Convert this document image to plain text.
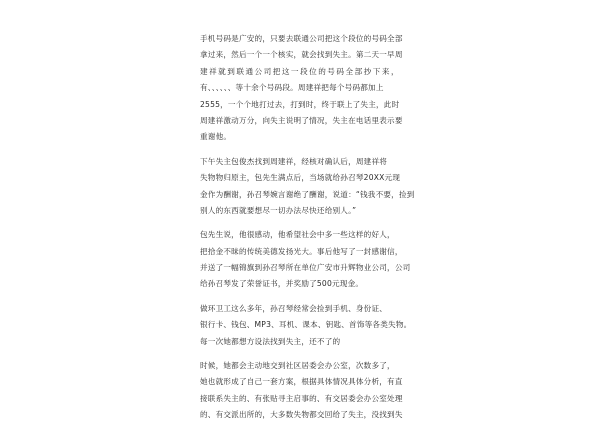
手机号码是广安的，只要去联通公司把这个段位的号码全部
拿过来，然后一个一个核实，就会找到失主。第二天一早周
建祥就到联通公司把这一段位的号码全部抄下来，
有、、、、、、等十余个号码段。周建祥把每个号码都加上
2555，一个个地打过去，打到时，终于联上了失主，此时
周建祥激动万分，向失主说明了情况，失主在电话里表示要
重谢他。
下午失主包俊杰找到周建祥，经核对确认后，周建祥将
失物物归原主，包先生满点后，当场就给孙召琴20XX元现
金作为酬谢，孙召琴婉言谢绝了酬谢，说道：“钱我不要，捡到
别人的东西就要想尽一切办法尽快还给别人。”
包先生说，他很感动，他希望社会中多一些这样的好人，
把拾金不昧的传统美德发扬光大。事后他写了一封感谢信，
并送了一幅锦旗到孙召琴所在单位广安市升辉物业公司，公司
给孙召琴发了荣誉证书，并奖励了500元现金。
做环卫工这么多年，孙召琴经常会捡到手机、身份证、
银行卡、钱包、MP3、耳机、课本、钥匙、首饰等各类失物。
每一次她都想方设法找到失主，还不了的
时候，她都会主动地交到社区居委会办公室，次数多了，
她也就形成了自己一套方案，根据具体情况具体分析，有直
接联系失主的、有张贴寻主启事的、有交居委会办公室处理
的、有交派出所的，大多数失物都交回给了失主，没找到失
